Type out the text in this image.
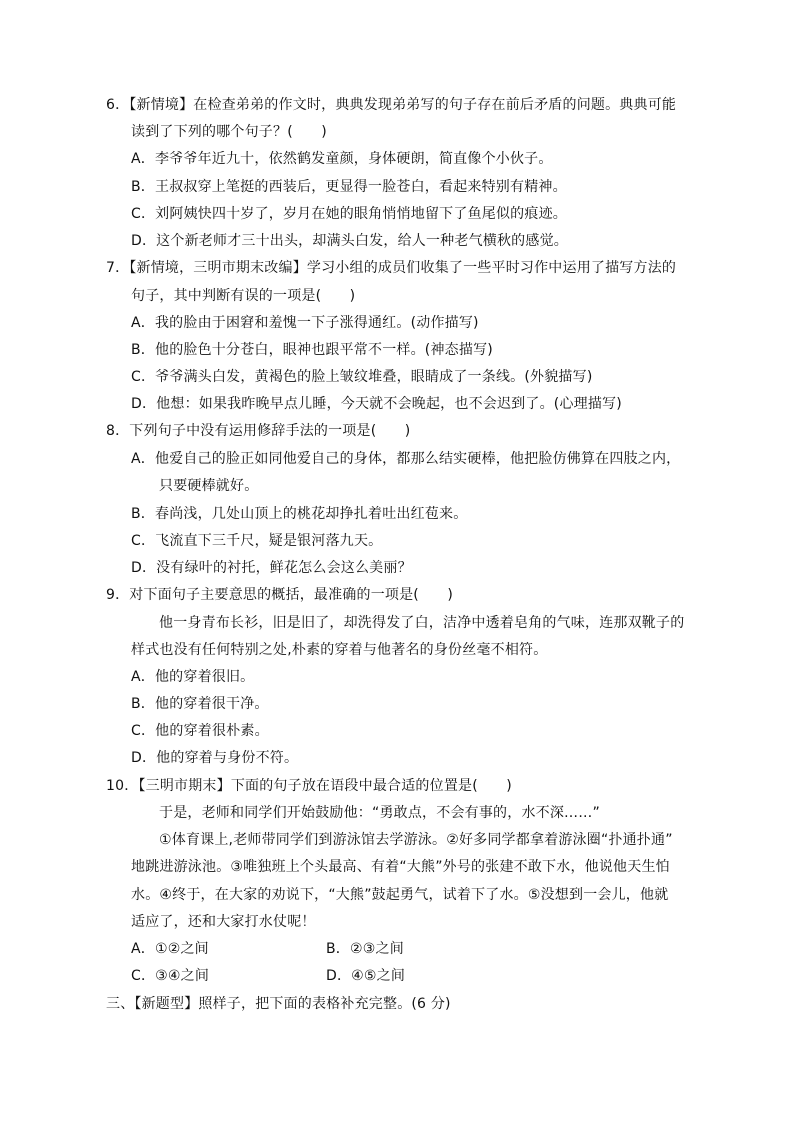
6．【新情境】在检查弟弟的作文时，典典发现弟弟写的句子存在前后矛盾的问题。典典可能
读到了下列的哪个句子？(　　)
A．李爷爷年近九十，依然鹤发童颜，身体硬朗，简直像个小伙子。
B．王叔叔穿上笔挺的西装后，更显得一脸苍白，看起来特别有精神。
C．刘阿姨快四十岁了，岁月在她的眼角悄悄地留下了鱼尾似的痕迹。
D．这个新老师才三十出头，却满头白发，给人一种老气横秋的感觉。
7．【新情境，三明市期末改编】学习小组的成员们收集了一些平时习作中运用了描写方法的
句子，其中判断有误的一项是(　　)
A．我的脸由于困窘和羞愧一下子涨得通红。(动作描写)
B．他的脸色十分苍白，眼神也跟平常不一样。(神态描写)
C．爷爷满头白发，黄褐色的脸上皱纹堆叠，眼睛成了一条线。(外貌描写)
D．他想：如果我昨晚早点儿睡，今天就不会晚起，也不会迟到了。(心理描写)
8．下列句子中没有运用修辞手法的一项是(　　)
A．他爱自己的脸正如同他爱自己的身体，都那么结实硬棒，他把脸仿佛算在四肢之内，
只要硬棒就好。
B．春尚浅，几处山顶上的桃花却挣扎着吐出红苞来。
C．飞流直下三千尺，疑是银河落九天。
D．没有绿叶的衬托，鲜花怎么会这么美丽？
9．对下面句子主要意思的概括，最准确的一项是(　　)
他一身青布长衫，旧是旧了，却洗得发了白，洁净中透着皂角的气味，连那双靴子的
样式也没有任何特别之处,朴素的穿着与他著名的身份丝毫不相符。
A．他的穿着很旧。
B．他的穿着很干净。
C．他的穿着很朴素。
D．他的穿着与身份不符。
10．【三明市期末】下面的句子放在语段中最合适的位置是(　　)
于是，老师和同学们开始鼓励他：“勇敢点，不会有事的，水不深……”
①体育课上,老师带同学们到游泳馆去学游泳。②好多同学都拿着游泳圈“扑通扑通”
地跳进游泳池。③唯独班上个头最高、有着“大熊”外号的张建不敢下水，他说他天生怕
水。④终于，在大家的劝说下，“大熊”鼓起勇气，试着下了水。⑤没想到一会儿，他就
适应了，还和大家打水仗呢！
A．①②之间	B．②③之间
C．③④之间	D．④⑤之间
三、【新题型】照样子，把下面的表格补充完整。(6 分)
